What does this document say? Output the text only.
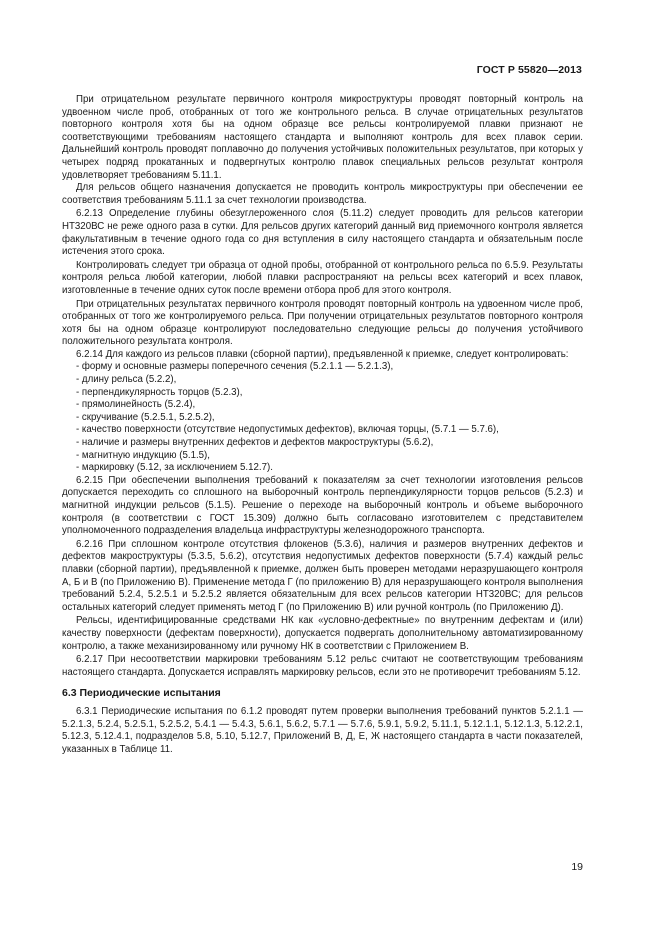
ГОСТ Р 55820—2013

При отрицательном результате первичного контроля микроструктуры проводят повторный контроль на удвоенном числе проб, отобранных от того же контрольного рельса. В случае отрицательных результатов повторного контроля хотя бы на одном образце все рельсы контролируемой плавки признают не соответствующими требованиям настоящего стандарта и выполняют контроль для всех плавок серии. Дальнейший контроль проводят поплавочно до получения устойчивых положительных результатов, при которых у четырех подряд прокатанных и подвергнутых контролю плавок специальных рельсов результат контроля удовлетворяет требованиям 5.11.1.

Для рельсов общего назначения допускается не проводить контроль микроструктуры при обеспечении ее соответствия требованиям 5.11.1 за счет технологии производства.

6.2.13 Определение глубины обезуглероженного слоя (5.11.2) следует проводить для рельсов категории НТ320ВС не реже одного раза в сутки. Для рельсов других категорий данный вид приемочного контроля является факультативным в течение одного года со дня вступления в силу настоящего стандарта и обязательным после истечения этого срока.

Контролировать следует три образца от одной пробы, отобранной от контрольного рельса по 6.5.9. Результаты контроля рельса любой категории, любой плавки распространяют на рельсы всех категорий и всех плавок, изготовленные в течение одних суток после времени отбора проб для этого контроля.

При отрицательных результатах первичного контроля проводят повторный контроль на удвоенном числе проб, отобранных от того же контролируемого рельса. При получении отрицательных результатов повторного контроля хотя бы на одном образце контролируют последовательно следующие рельсы до получения устойчивого положительного результата контроля.

6.2.14 Для каждого из рельсов плавки (сборной партии), предъявленной к приемке, следует контролировать:

- форму и основные размеры поперечного сечения (5.2.1.1 — 5.2.1.3),
- длину рельса (5.2.2),
- перпендикулярность торцов (5.2.3),
- прямолинейность (5.2.4),
- скручивание (5.2.5.1, 5.2.5.2),
- качество поверхности (отсутствие недопустимых дефектов), включая торцы, (5.7.1 — 5.7.6),
- наличие и размеры внутренних дефектов и дефектов макроструктуры (5.6.2),
- магнитную индукцию (5.1.5),
- маркировку (5.12, за исключением 5.12.7).

6.2.15 При обеспечении выполнения требований к показателям за счет технологии изготовления рельсов допускается переходить со сплошного на выборочный контроль перпендикулярности торцов рельсов (5.2.3) и магнитной индукции рельсов (5.1.5). Решение о переходе на выборочный контроль и объеме выборочного контроля (в соответствии с ГОСТ 15.309) должно быть согласовано изготовителем с представителем уполномоченного подразделения владельца инфраструктуры железнодорожного транспорта.

6.2.16 При сплошном контроле отсутствия флокенов (5.3.6), наличия и размеров внутренних дефектов и дефектов макроструктуры (5.3.5, 5.6.2), отсутствия недопустимых дефектов поверхности (5.7.4) каждый рельс плавки (сборной партии), предъявленной к приемке, должен быть проверен методами неразрушающего контроля А, Б и В (по Приложению В). Применение метода Г (по приложению В) для неразрушающего контроля выполнения требований 5.2.4, 5.2.5.1 и 5.2.5.2 является обязательным для всех рельсов категории НТ320ВС; для рельсов остальных категорий следует применять метод Г (по Приложению В) или ручной контроль (по Приложению Д).

Рельсы, идентифицированные средствами НК как «условно-дефектные» по внутренним дефектам и (или) качеству поверхности (дефектам поверхности), допускается подвергать дополнительному автоматизированному контролю, а также механизированному или ручному НК в соответствии с Приложением В.

6.2.17 При несоответствии маркировки требованиям 5.12 рельс считают не соответствующим требованиям настоящего стандарта. Допускается исправлять маркировку рельсов, если это не противоречит требованиям 5.12.

6.3 Периодические испытания

6.3.1 Периодические испытания по 6.1.2 проводят путем проверки выполнения требований пунктов 5.2.1.1 — 5.2.1.3, 5.2.4, 5.2.5.1, 5.2.5.2, 5.4.1 — 5.4.3, 5.6.1, 5.6.2, 5.7.1 — 5.7.6, 5.9.1, 5.9.2, 5.11.1, 5.12.1.1, 5.12.1.3, 5.12.2.1, 5.12.3, 5.12.4.1, подразделов 5.8, 5.10, 5.12.7, Приложений В, Д, Е, Ж настоящего стандарта в части показателей, указанных в Таблице 11.

19
